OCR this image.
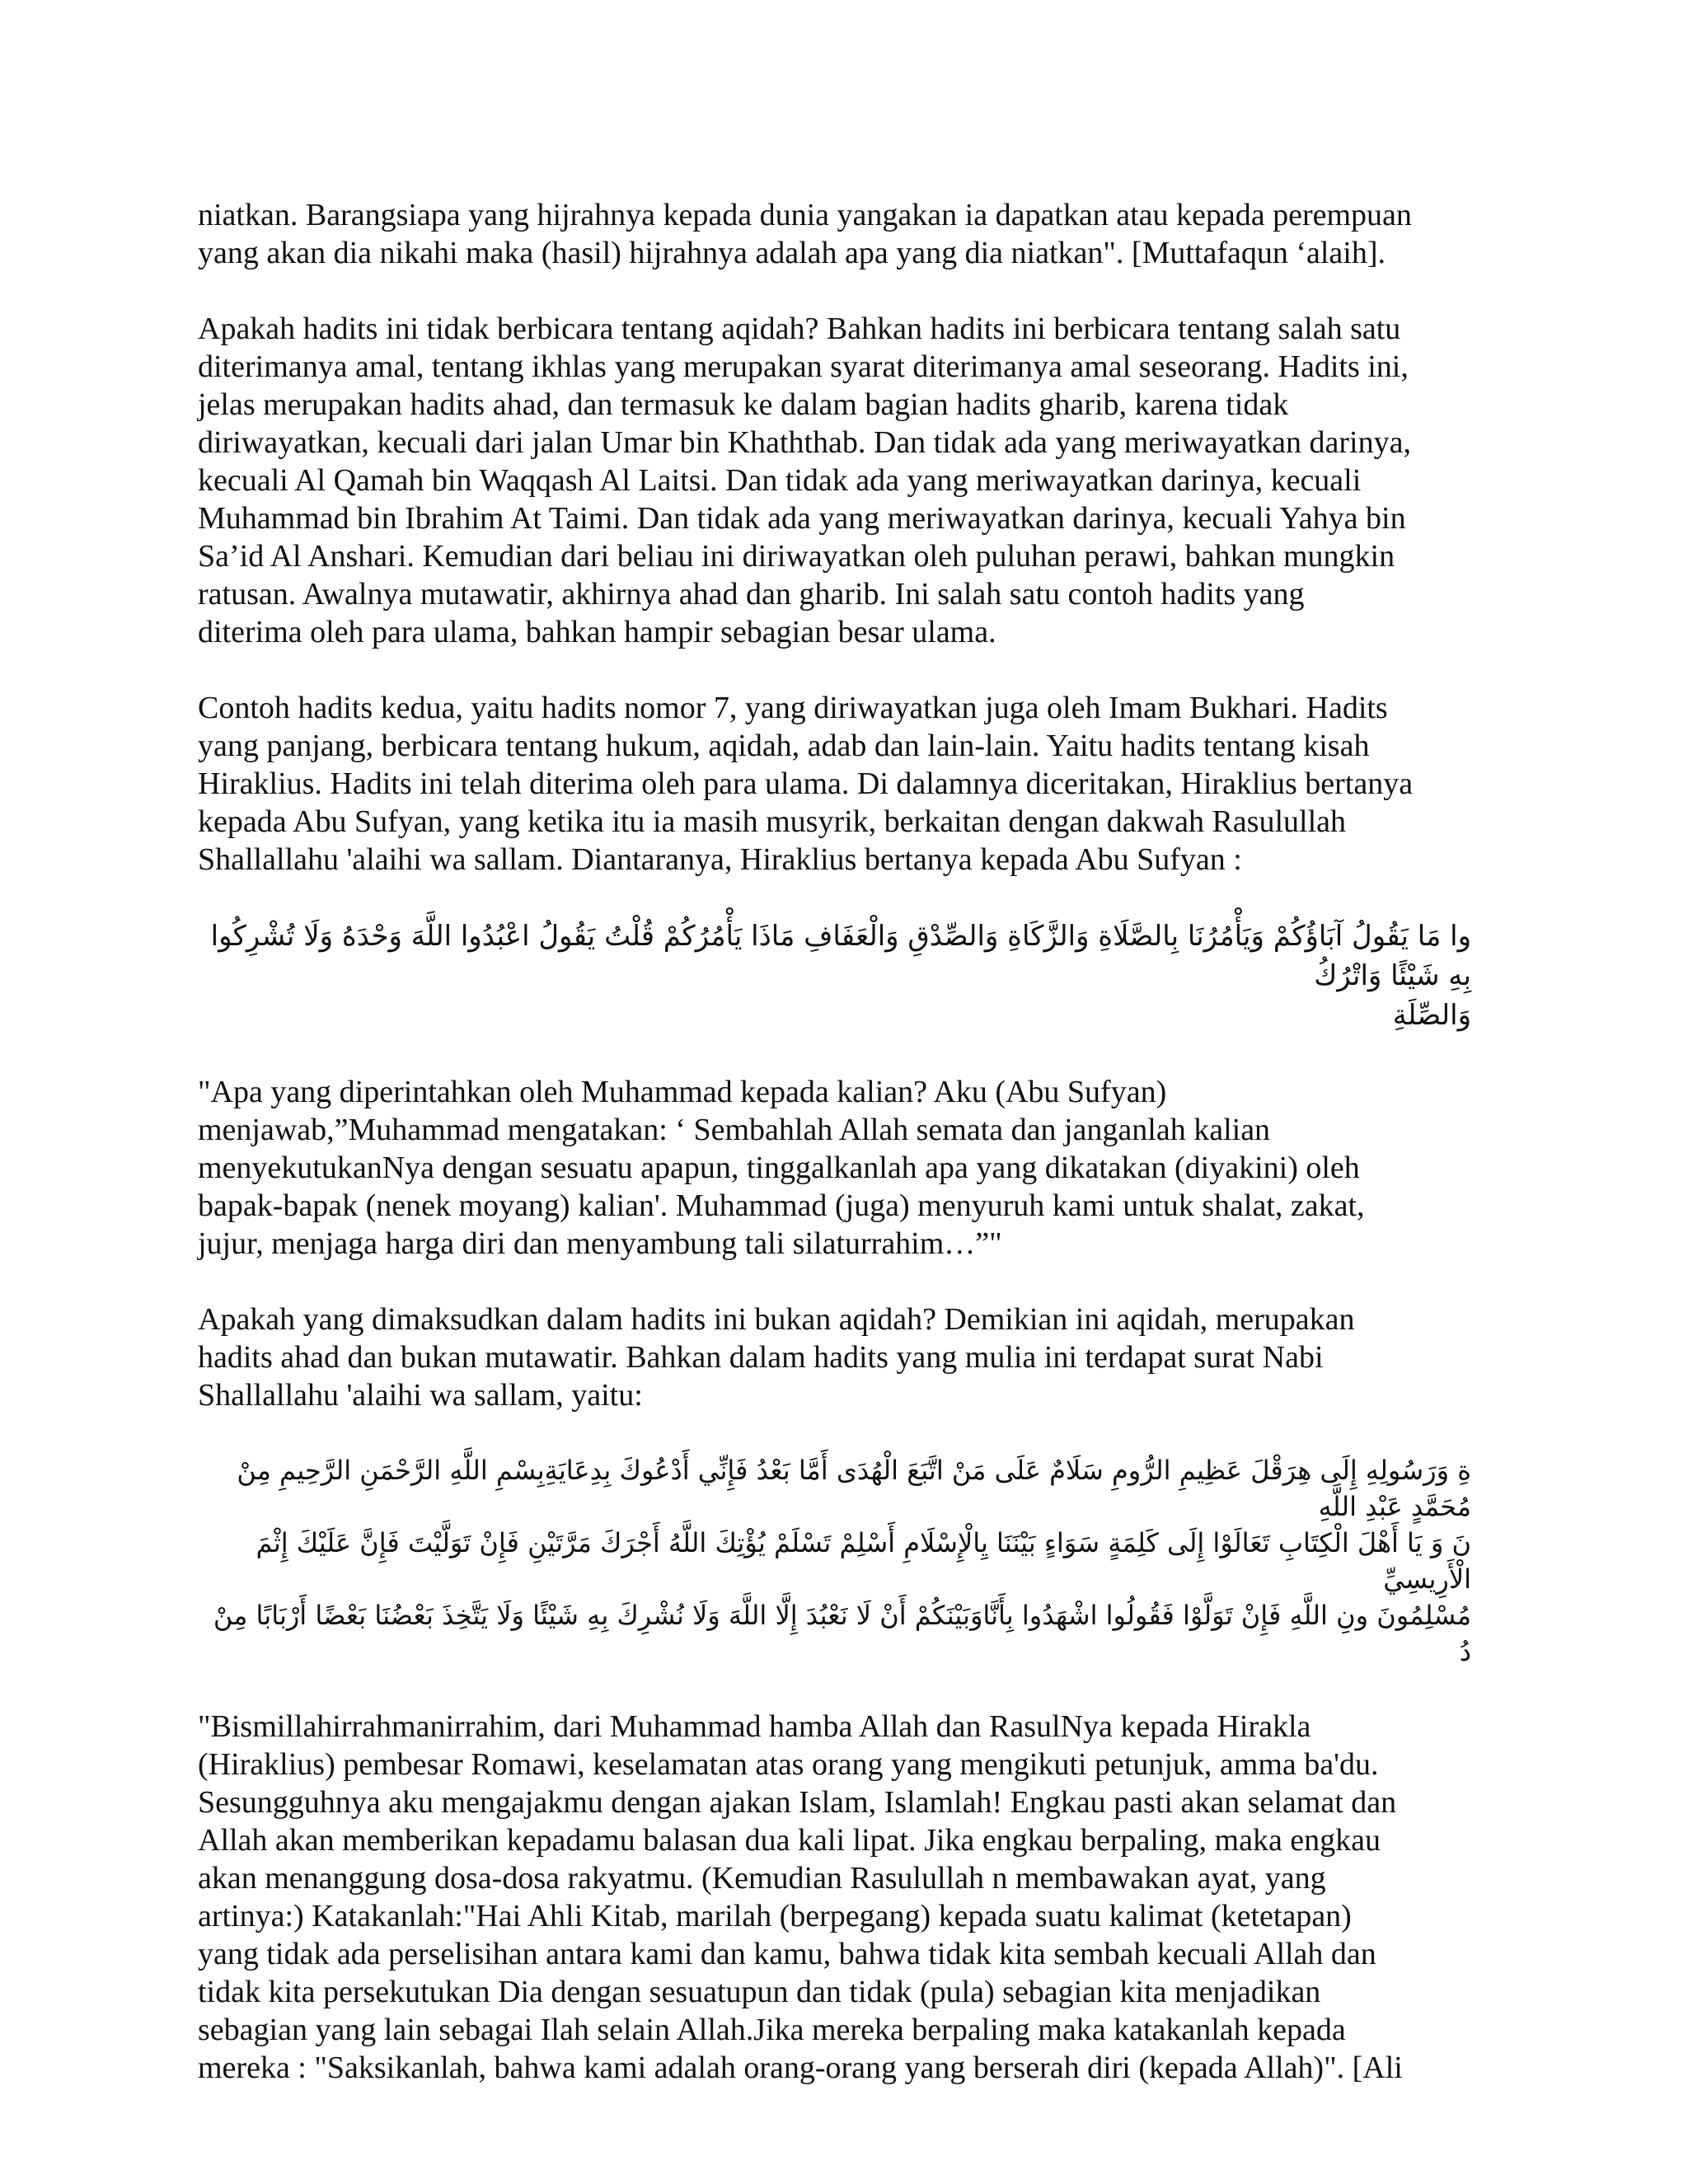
niatkan. Barangsiapa yang hijrahnya kepada dunia yangakan ia dapatkan atau kepada perempuan
yang akan dia nikahi maka (hasil) hijrahnya adalah apa yang dia niatkan". [Muttafaqun ‘alaih].

Apakah hadits ini tidak berbicara tentang aqidah? Bahkan hadits ini berbicara tentang salah satu
diterimanya amal, tentang ikhlas yang merupakan syarat diterimanya amal seseorang. Hadits ini,
jelas merupakan hadits ahad, dan termasuk ke dalam bagian hadits gharib, karena tidak
diriwayatkan, kecuali dari jalan Umar bin Khaththab. Dan tidak ada yang meriwayatkan darinya,
kecuali Al Qamah bin Waqqash Al Laitsi. Dan tidak ada yang meriwayatkan darinya, kecuali
Muhammad bin Ibrahim At Taimi. Dan tidak ada yang meriwayatkan darinya, kecuali Yahya bin
Sa’id Al Anshari. Kemudian dari beliau ini diriwayatkan oleh puluhan perawi, bahkan mungkin
ratusan. Awalnya mutawatir, akhirnya ahad dan gharib. Ini salah satu contoh hadits yang
diterima oleh para ulama, bahkan hampir sebagian besar ulama.

Contoh hadits kedua, yaitu hadits nomor 7, yang diriwayatkan juga oleh Imam Bukhari. Hadits
yang panjang, berbicara tentang hukum, aqidah, adab dan lain-lain. Yaitu hadits tentang kisah
Hiraklius. Hadits ini telah diterima oleh para ulama. Di dalamnya diceritakan, Hiraklius bertanya
kepada Abu Sufyan, yang ketika itu ia masih musyrik, berkaitan dengan dakwah Rasulullah
Shallallahu 'alaihi wa sallam. Diantaranya, Hiraklius bertanya kepada Abu Sufyan :

وا مَا يَقُولُ آبَاؤُكُمْ وَيَأْمُرُنَا بِالصَّلَاةِ وَالزَّكَاةِ وَالصِّدْقِ وَالْعَفَافِ مَاذَا يَأْمُرُكُمْ قُلْتُ يَقُولُ اعْبُدُوا اللَّهَ وَحْدَهُ وَلَا تُشْرِكُوا بِهِ شَيْئًا وَاتْرُكُ
وَالصِّلَةِ

"Apa yang diperintahkan oleh Muhammad kepada kalian? Aku (Abu Sufyan)
menjawab,”Muhammad mengatakan: ‘ Sembahlah Allah semata dan janganlah kalian
menyekutukanNya dengan sesuatu apapun, tinggalkanlah apa yang dikatakan (diyakini) oleh
bapak-bapak (nenek moyang) kalian'. Muhammad (juga) menyuruh kami untuk shalat, zakat,
jujur, menjaga harga diri dan menyambung tali silaturrahim…”"

Apakah yang dimaksudkan dalam hadits ini bukan aqidah? Demikian ini aqidah, merupakan
hadits ahad dan bukan mutawatir. Bahkan dalam hadits yang mulia ini terdapat surat Nabi
Shallallahu 'alaihi wa sallam, yaitu:

ةِ وَرَسُولِهِ إِلَى هِرَقْلَ عَظِيمِ الرُّومِ سَلَامٌ عَلَى مَنْ اتَّبَعَ الْهُدَى أَمَّا بَعْدُ فَإِنِّي أَدْعُوكَ بِدِعَايَةِبِسْمِ اللَّهِ الرَّحْمَنِ الرَّحِيمِ مِنْ مُحَمَّدٍ عَبْدِ اللَّهِ
نَ وَ يَا أَهْلَ الْكِتَابِ تَعَالَوْا إِلَى كَلِمَةٍ سَوَاءٍ بَيْنَنَا يِالْإِسْلَامِ أَسْلِمْ تَسْلَمْ يُؤْتِكَ اللَّهُ أَجْرَكَ مَرَّتَيْنِ فَإِنْ تَوَلَّيْتَ فَإِنَّ عَلَيْكَ إِثْمَ الْأَرِيسِيِّ
مُسْلِمُونَ ونِ اللَّهِ فَإِنْ تَوَلَّوْا فَقُولُوا اشْهَدُوا بِأَنَّاوَبَيْنَكُمْ أَنْ لَا نَعْبُدَ إِلَّا اللَّهَ وَلَا نُشْرِكَ بِهِ شَيْئًا وَلَا يَتَّخِذَ بَعْضُنَا بَعْضًا أَرْبَابًا مِنْ دُ

"Bismillahirrahmanirrahim, dari Muhammad hamba Allah dan RasulNya kepada Hirakla
(Hiraklius) pembesar Romawi, keselamatan atas orang yang mengikuti petunjuk, amma ba'du.
Sesungguhnya aku mengajakmu dengan ajakan Islam, Islamlah! Engkau pasti akan selamat dan
Allah akan memberikan kepadamu balasan dua kali lipat. Jika engkau berpaling, maka engkau
akan menanggung dosa-dosa rakyatmu. (Kemudian Rasulullah n membawakan ayat, yang
artinya:) Katakanlah:"Hai Ahli Kitab, marilah (berpegang) kepada suatu kalimat (ketetapan)
yang tidak ada perselisihan antara kami dan kamu, bahwa tidak kita sembah kecuali Allah dan
tidak kita persekutukan Dia dengan sesuatupun dan tidak (pula) sebagian kita menjadikan
sebagian yang lain sebagai Ilah selain Allah.Jika mereka berpaling maka katakanlah kepada
mereka : "Saksikanlah, bahwa kami adalah orang-orang yang berserah diri (kepada Allah)". [Ali
